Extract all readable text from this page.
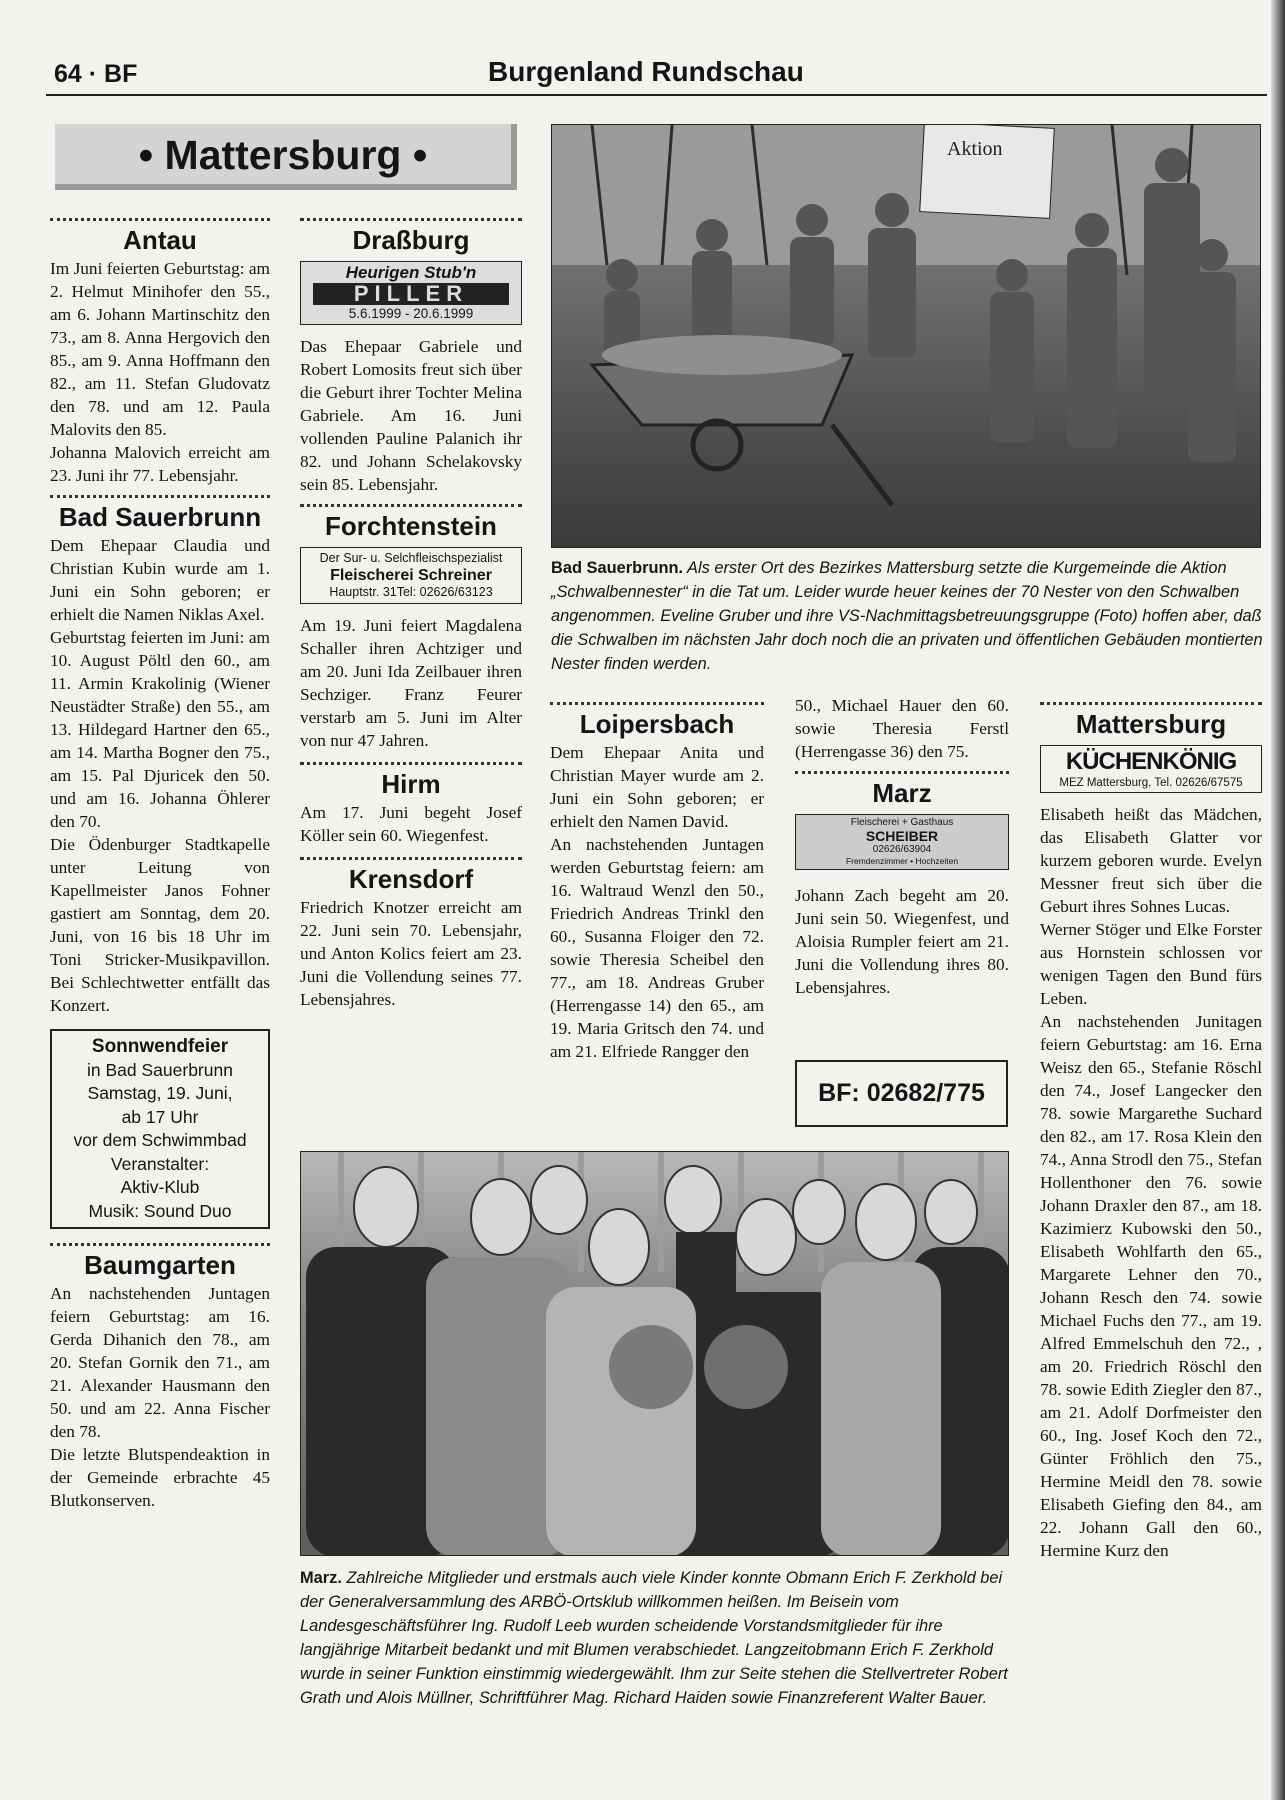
64 · BF	Burgenland Rundschau
• Mattersburg •
Antau

Im Juni feierten Geburtstag: am 2. Helmut Minihofer den 55., am 6. Johann Martinschitz den 73., am 8. Anna Hergovich den 85., am 9. Anna Hoffmann den 82., am 11. Stefan Gludovatz den 78. und am 12. Paula Malovits den 85.

Johanna Malovich erreicht am 23. Juni ihr 77. Lebensjahr.

Bad Sauerbrunn

Dem Ehepaar Claudia und Christian Kubin wurde am 1. Juni ein Sohn geboren; er erhielt die Namen Niklas Axel.

Geburtstag feierten im Juni: am 10. August Pöltl den 60., am 11. Armin Krakolinig (Wiener Neustädter Straße) den 55., am 13. Hildegard Hartner den 65., am 14. Martha Bogner den 75., am 15. Pal Djuricek den 50. und am 16. Johanna Öhlerer den 70.

Die Ödenburger Stadtkapelle unter Leitung von Kapellmeister Janos Fohner gastiert am Sonntag, dem 20. Juni, von 16 bis 18 Uhr im Toni Stricker-Musikpavillon. Bei Schlechtwetter entfällt das Konzert.

Sonnwendfeier
in Bad Sauerbrunn
Samstag, 19. Juni,
ab 17 Uhr
vor dem Schwimmbad
Veranstalter:
Aktiv-Klub
Musik: Sound Duo
Baumgarten

An nachstehenden Juntagen feiern Geburtstag: am 16. Gerda Dihanich den 78., am 20. Stefan Gornik den 71., am 21. Alexander Hausmann den 50. und am 22. Anna Fischer den 78.

Die letzte Blutspendeaktion in der Gemeinde erbrachte 45 Blutkonserven.

Draßburg
Heurigen Stub'n
PILLER
5.6.1999 - 20.6.1999

Das Ehepaar Gabriele und Robert Lomosits freut sich über die Geburt ihrer Tochter Melina Gabriele. Am 16. Juni vollenden Pauline Palanich ihr 82. und Johann Schelakovsky sein 85. Lebensjahr.

Forchtenstein
Der Sur- u. Selchfleischspezialist
Fleischerei Schreiner
Hauptstr. 31Tel: 02626/63123

Am 19. Juni feiert Magdalena Schaller ihren Achtziger und am 20. Juni Ida Zeilbauer ihren Sechziger. Franz Feurer verstarb am 5. Juni im Alter von nur 47 Jahren.

Hirm

Am 17. Juni begeht Josef Köller sein 60. Wiegenfest.

Krensdorf

Friedrich Knotzer erreicht am 22. Juni sein 70. Lebensjahr, und Anton Kolics feiert am 23. Juni die Vollendung seines 77. Lebensjahres.

Aktion
Bad Sauerbrunn. Als erster Ort des Bezirkes Mattersburg setzte die Kurgemeinde die Aktion „Schwalbennester“ in die Tat um. Leider wurde heuer keines der 70 Nester von den Schwalben angenommen. Eveline Gruber und ihre VS-Nachmittagsbetreuungsgruppe (Foto) hoffen aber, daß die Schwalben im nächsten Jahr doch noch die an privaten und öffentlichen Gebäuden montierten Nester finden werden.
Loipersbach

Dem Ehepaar Anita und Christian Mayer wurde am 2. Juni ein Sohn geboren; er erhielt den Namen David.

An nachstehenden Juntagen werden Geburtstag feiern: am 16. Waltraud Wenzl den 50., Friedrich Andreas Trinkl den 60., Susanna Floiger den 72. sowie Theresia Scheibel den 77., am 18. Andreas Gruber (Herrengasse 14) den 65., am 19. Maria Gritsch den 74. und am 21. Elfriede Rangger den

50., Michael Hauer den 60. sowie Theresia Ferstl (Herrengasse 36) den 75.

Marz
Fleischerei + Gasthaus
SCHEIBER
02626/63904
Fremdenzimmer • Hochzeiten

Johann Zach begeht am 20. Juni sein 50. Wiegenfest, und Aloisia Rumpler feiert am 21. Juni die Vollendung ihres 80. Lebensjahres.

BF: 02682/775
Mattersburg
KÜCHENKÖNIG
MEZ Mattersburg, Tel. 02626/67575

Elisabeth heißt das Mädchen, das Elisabeth Glatter vor kurzem geboren wurde. Evelyn Messner freut sich über die Geburt ihres Sohnes Lucas.

Werner Stöger und Elke Forster aus Hornstein schlossen vor wenigen Tagen den Bund fürs Leben.

An nachstehenden Junitagen feiern Geburtstag: am 16. Erna Weisz den 65., Stefanie Röschl den 74., Josef Langecker den 78. sowie Margarethe Suchard den 82., am 17. Rosa Klein den 74., Anna Strodl den 75., Stefan Hollenthoner den 76. sowie Johann Draxler den 87., am 18. Kazimierz Kubowski den 50., Elisabeth Wohlfarth den 65., Margarete Lehner den 70., Johann Resch den 74. sowie Michael Fuchs den 77., am 19. Alfred Emmelschuh den 72., , am 20. Friedrich Röschl den 78. sowie Edith Ziegler den 87., am 21. Adolf Dorfmeister den 60., Ing. Josef Koch den 72., Günter Fröhlich den 75., Hermine Meidl den 78. sowie Elisabeth Giefing den 84., am 22. Johann Gall den 60., Hermine Kurz den

Marz. Zahlreiche Mitglieder und erstmals auch viele Kinder konnte Obmann Erich F. Zerkhold bei der Generalversammlung des ARBÖ-Ortsklub willkommen heißen. Im Beisein vom Landesgeschäftsführer Ing. Rudolf Leeb wurden scheidende Vorstandsmitglieder für ihre langjährige Mitarbeit bedankt und mit Blumen verabschiedet. Langzeitobmann Erich F. Zerkhold wurde in seiner Funktion einstimmig wiedergewählt. Ihm zur Seite stehen die Stellvertreter Robert Grath und Alois Müllner, Schriftführer Mag. Richard Haiden sowie Finanzreferent Walter Bauer.
